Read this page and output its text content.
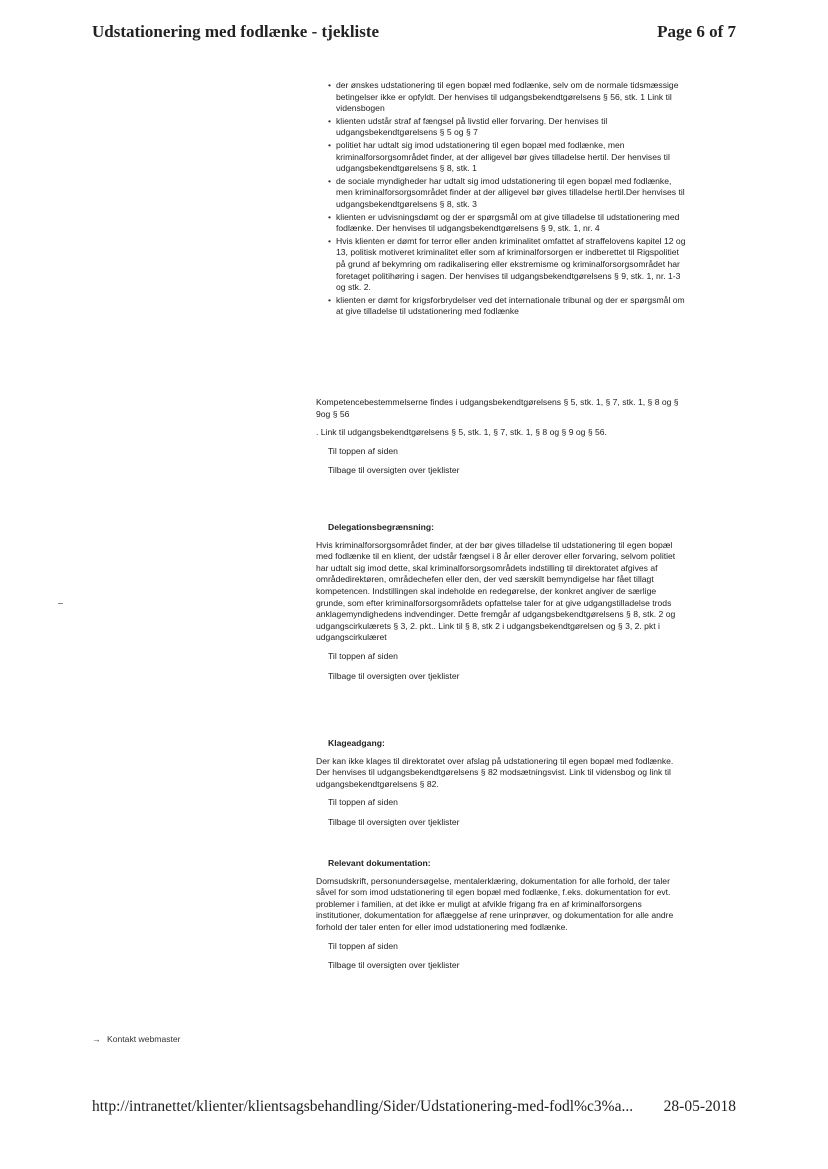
Udstationering med fodlænke - tjekliste	Page 6 of 7
• der ønskes udstationering til egen bopæl med fodlænke, selv om de normale tidsmæssige betingelser ikke er opfyldt. Der henvises til udgangsbekendtgørelsens § 56, stk. 1 Link til vidensbogen
• klienten udstår straf af fængsel på livstid eller forvaring. Der henvises til udgangsbekendtgørelsens § 5 og § 7
• politiet har udtalt sig imod udstationering til egen bopæl med fodlænke, men kriminalforsorgsområdet finder, at der alligevel bør gives tilladelse hertil. Der henvises til udgangsbekendtgørelsens § 8, stk. 1
• de sociale myndigheder har udtalt sig imod udstationering til egen bopæl med fodlænke, men kriminalforsorgsområdet finder at der alligevel bør gives tilladelse hertil.Der henvises til udgangsbekendtgørelsens § 8, stk. 3
• klienten er udvisningsdømt og der er spørgsmål om at give tilladelse til udstationering med fodlænke. Der henvises til udgangsbekendtgørelsens § 9, stk. 1, nr. 4
• Hvis klienten er dømt for terror eller anden kriminalitet omfattet af straffelovens kapitel 12 og 13, politisk motiveret kriminalitet eller som af kriminalforsorgen er indberettet til Rigspolitiet på grund af bekymring om radikalisering eller ekstremisme og kriminalforsorgsområdet har foretaget politihøring i sagen. Der henvises til udgangsbekendtgørelsens § 9, stk. 1, nr. 1-3 og stk. 2.
• klienten er dømt for krigsforbrydelser ved det internationale tribunal og der er spørgsmål om at give tilladelse til udstationering med fodlænke
Kompetencebestemmelserne findes i udgangsbekendtgørelsens § 5, stk. 1, § 7, stk. 1, § 8 og § 9og § 56
. Link til udgangsbekendtgørelsens § 5, stk. 1, § 7, stk. 1, § 8 og § 9 og § 56.
Til toppen af siden
Tilbage til oversigten over tjeklister
Delegationsbegrænsning:
Hvis kriminalforsorgsområdet finder, at der bør gives tilladelse til udstationering til egen bopæl med fodlænke til en klient, der udstår fængsel i 8 år eller derover eller forvaring, selvom politiet har udtalt sig imod dette, skal kriminalforsorgsområdets indstilling til direktoratet afgives af områdedirektøren, områdechefen eller den, der ved særskilt bemyndigelse har fået tillagt kompetencen. Indstillingen skal indeholde en redegørelse, der konkret angiver de særlige grunde, som efter kriminalforsorgsområdets opfattelse taler for at give udgangstilladelse trods anklagemyndighedens indvendinger. Dette fremgår af udgangsbekendtgørelsens § 8, stk. 2 og udgangscirkulærets § 3, 2. pkt.. Link til § 8, stk 2 i udgangsbekendtgørelsen og § 3, 2. pkt i udgangscirkulæret
Til toppen af siden
Tilbage til oversigten over tjeklister
Klageadgang:
Der kan ikke klages til direktoratet over afslag på udstationering til egen bopæl med fodlænke. Der henvises til udgangsbekendtgørelsens § 82 modsætningsvist. Link til vidensbog og link til udgangsbekendtgørelsens § 82.
Til toppen af siden
Tilbage til oversigten over tjeklister
Relevant dokumentation:
Domsudskrift, personundersøgelse, mentalerklæring, dokumentation for alle forhold, der taler såvel for som imod udstationering til egen bopæl med fodlænke, f.eks. dokumentation for evt. problemer i familien, at det ikke er muligt at afvikle frigang fra en af kriminalforsorgens institutioner, dokumentation for aflæggelse af rene urinprøver, og dokumentation for alle andre forhold der taler enten for eller imod udstationering med fodlænke.
Til toppen af siden
Tilbage til oversigten over tjeklister
→ Kontakt webmaster
http://intranettet/klienter/klientsagsbehandling/Sider/Udstationering-med-fodl%c3%a... 28-05-2018
